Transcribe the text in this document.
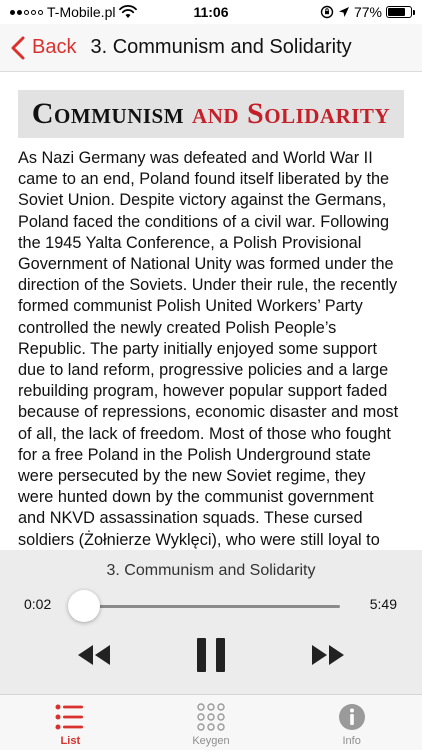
T-Mobile.pl	11:06	77%
Back 3. Communism and Solidarity
Communism and Solidarity
As Nazi Germany was defeated and World War II came to an end, Poland found itself liberated by the Soviet Union. Despite victory against the Germans, Poland faced the conditions of a civil war. Following the 1945 Yalta Conference, a Polish Provisional Government of National Unity was formed under the direction of the Soviets. Under their rule, the recently formed communist Polish United Workers’ Party controlled the newly created Polish People’s Republic. The party initially enjoyed some support due to land reform, progressive policies and a large rebuilding program, however popular support faded because of repressions, economic disaster and most of all, the lack of freedom. Most of those who fought for a free Poland in the Polish Underground state were persecuted by the new Soviet regime, they were hunted down by the communist government and NKVD assassination squads. These cursed soldiers (Żołnierze Wyklęci), who were still loyal to
3. Communism and Solidarity
0:02	5:49
List	Keygen	Info
